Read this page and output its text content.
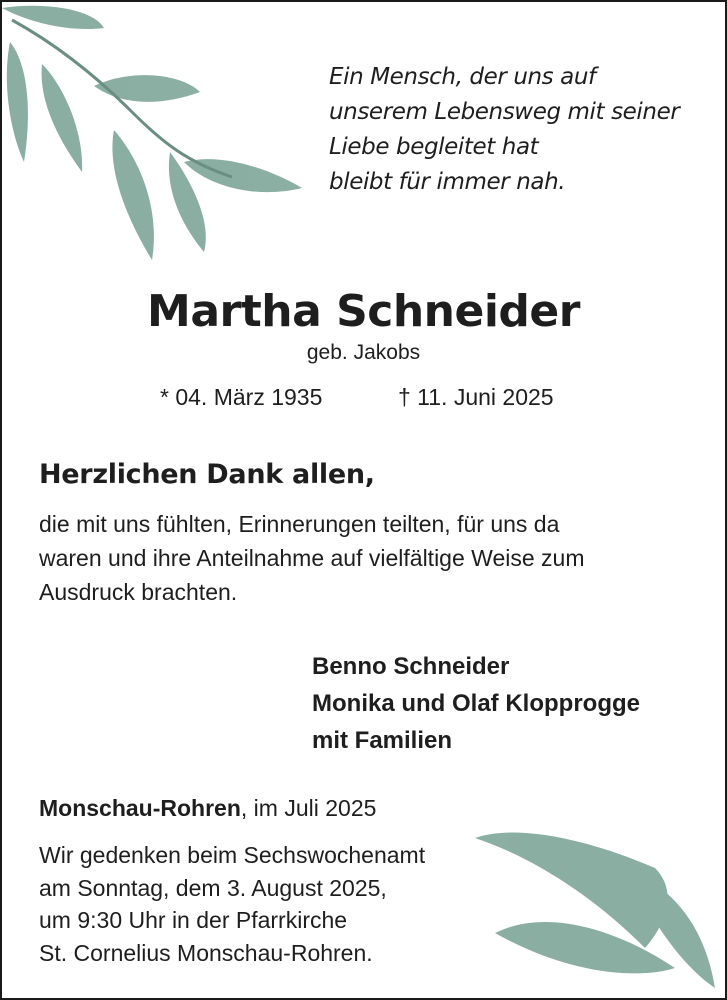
Ein Mensch, der uns auf
unserem Lebensweg mit seiner
Liebe begleitet hat
bleibt für immer nah.
Martha Schneider
geb. Jakobs
* 04. März 1935	† 11. Juni 2025
Herzlichen Dank allen,
die mit uns fühlten, Erinnerungen teilten, für uns da
waren und ihre Anteilnahme auf vielfältige Weise zum
Ausdruck brachten.
Benno Schneider
Monika und Olaf Klopprogge
mit Familien
Monschau-Rohren, im Juli 2025
Wir gedenken beim Sechswochenamt
am Sonntag, dem 3. August 2025,
um 9:30 Uhr in der Pfarrkirche
St. Cornelius Monschau-Rohren.
